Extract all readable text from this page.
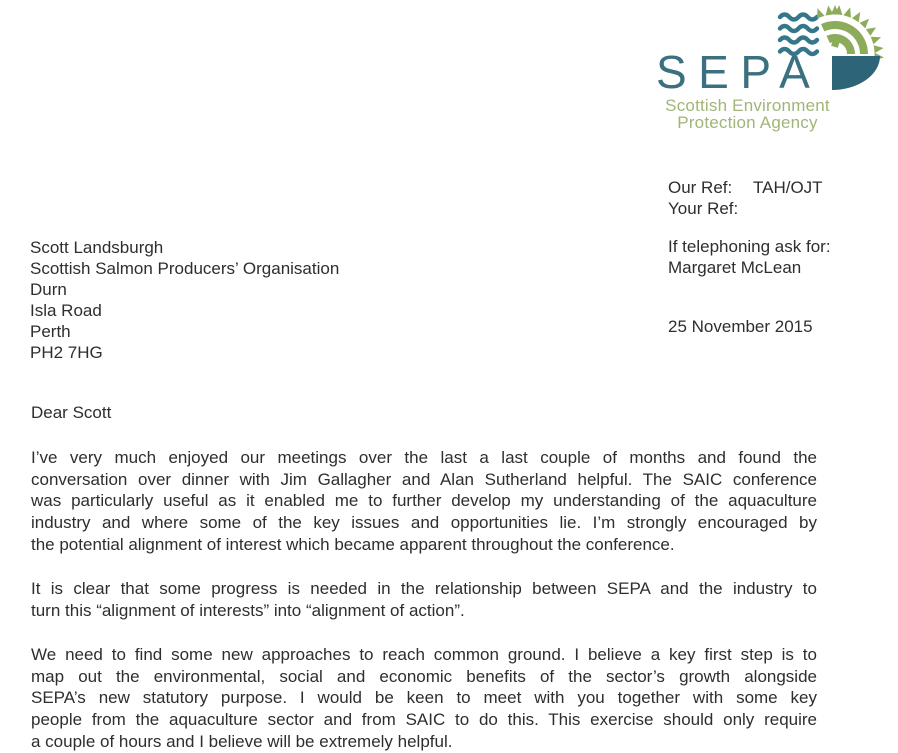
SEPA
Scottish Environment
Protection Agency
Our Ref:	TAH/OJT
Your Ref:
If telephoning ask for:
Margaret McLean
25 November 2015
Scott Landsburgh
Scottish Salmon Producers’ Organisation
Durn
Isla Road
Perth
PH2 7HG
Dear Scott
I’ve very much enjoyed our meetings over the last a last couple of months and found the
conversation over dinner with Jim Gallagher and Alan Sutherland helpful. The SAIC conference
was particularly useful as it enabled me to further develop my understanding of the aquaculture
industry and where some of the key issues and opportunities lie. I’m strongly encouraged by
the potential alignment of interest which became apparent throughout the conference.
It is clear that some progress is needed in the relationship between SEPA and the industry to
turn this “alignment of interests” into “alignment of action”.
We need to find some new approaches to reach common ground. I believe a key first step is to
map out the environmental, social and economic benefits of the sector’s growth alongside
SEPA’s new statutory purpose. I would be keen to meet with you together with some key
people from the aquaculture sector and from SAIC to do this. This exercise should only require
a couple of hours and I believe will be extremely helpful.
